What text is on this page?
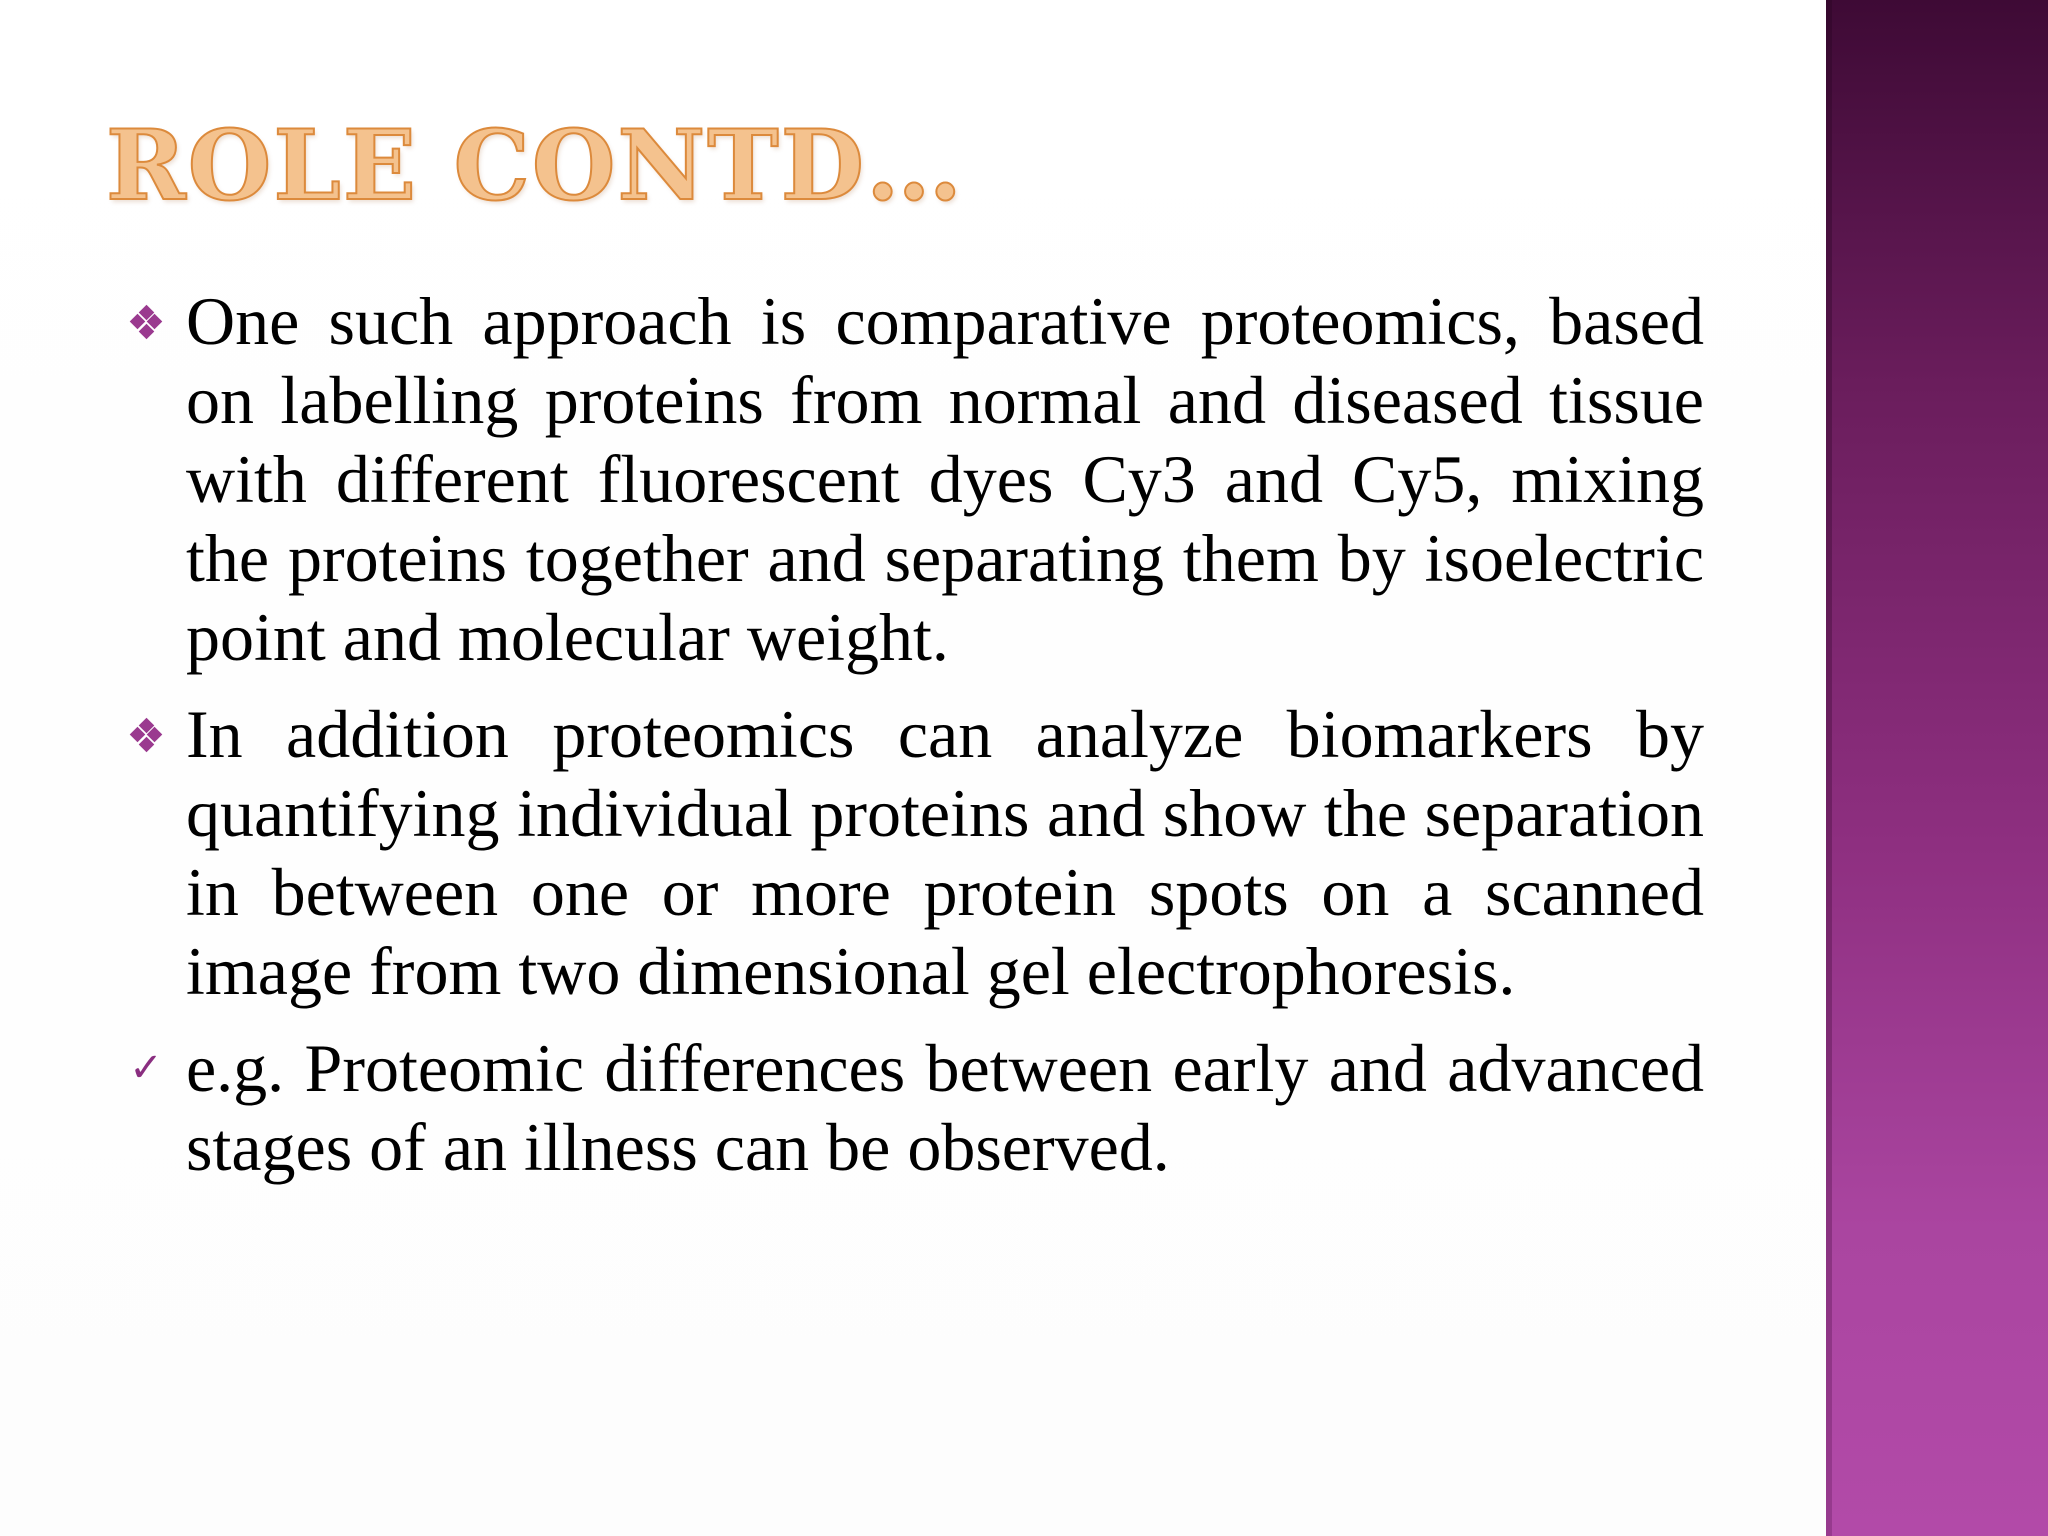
ROLE CONTD…
One such approach is comparative proteomics, based on labelling proteins from normal and diseased tissue with different fluorescent dyes Cy3 and Cy5, mixing the proteins together and separating them by isoelectric point and molecular weight.
In addition proteomics can analyze biomarkers by quantifying individual proteins and show the separation in between one or more protein spots on a scanned image from two dimensional gel electrophoresis.
✓ e.g. Proteomic differences between early and advanced stages of an illness can be observed.
